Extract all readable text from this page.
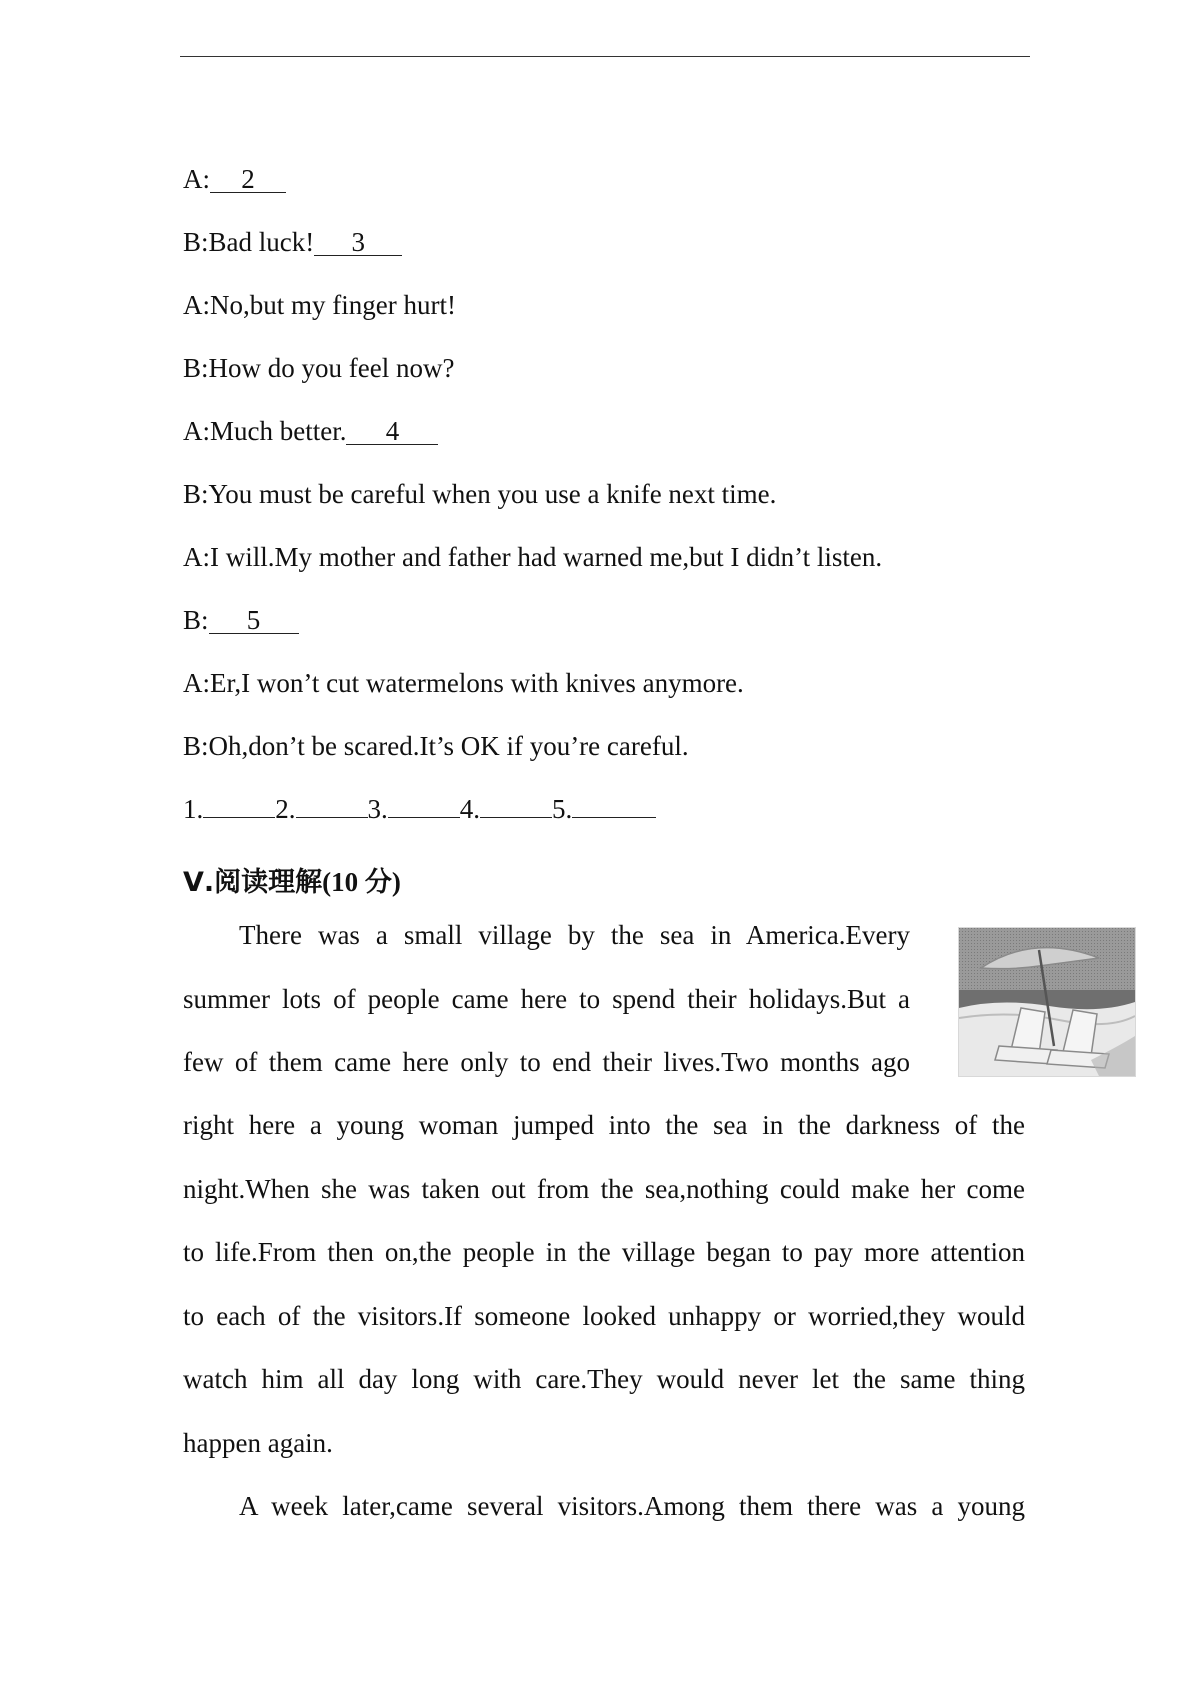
A: 2
B:Bad luck! 3
A:No,but my finger hurt!
B:How do you feel now?
A:Much better. 4
B:You must be careful when you use a knife next time.
A:I will.My mother and father had warned me,but I didn’t listen.
B: 5
A:Er,I won’t cut watermelons with knives anymore.
B:Oh,don’t be scared.It’s OK if you’re careful.
1.	2.	3.	4.	5.
Ⅴ.阅读理解(10 分)
There was a small village by the sea in America.Every
summer lots of people came here to spend their holidays.But a
few of them came here only to end their lives.Two months ago
right here a young woman jumped into the sea in the darkness of the
night.When she was taken out from the sea,nothing could make her come
to life.From then on,the people in the village began to pay more attention
to each of the visitors.If someone looked unhappy or worried,they would
watch him all day long with care.They would never let the same thing
happen again.
A week later,came several visitors.Among them there was a young
